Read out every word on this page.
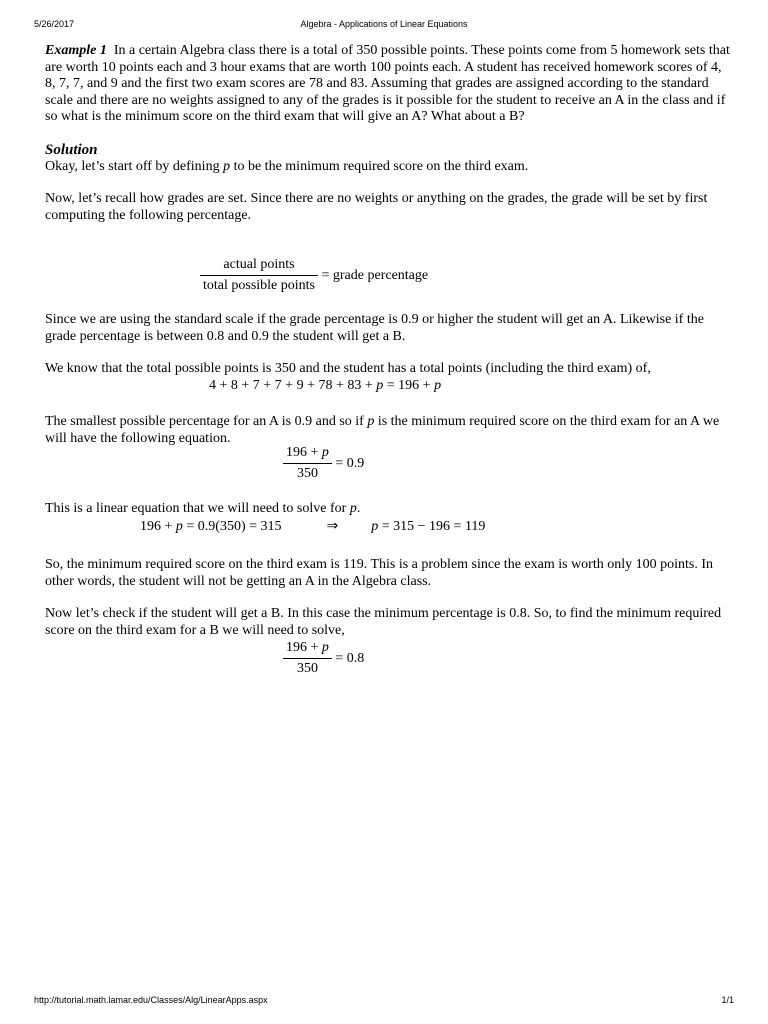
5/26/2017	Algebra - Applications of Linear Equations

Example 1 In a certain Algebra class there is a total of 350 possible points. These points come from 5 homework sets that are worth 10 points each and 3 hour exams that are worth 100 points each. A student has received homework scores of 4, 8, 7, 7, and 9 and the first two exam scores are 78 and 83. Assuming that grades are assigned according to the standard scale and there are no weights assigned to any of the grades is it possible for the student to receive an A in the class and if so what is the minimum score on the third exam that will give an A? What about a B?

Solution

Okay, let’s start off by defining p to be the minimum required score on the third exam.

Now, let’s recall how grades are set. Since there are no weights or anything on the grades, the grade will be set by first computing the following percentage.

$\frac{\text{actual points}}{\text{total possible points}}$ = grade percentage

Since we are using the standard scale if the grade percentage is 0.9 or higher the student will get an A. Likewise if the grade percentage is between 0.8 and 0.9 the student will get a B.

We know that the total possible points is 350 and the student has a total points (including the third exam) of,

4 + 8 + 7 + 7 + 9 + 78 + 83 + p = 196 + p

The smallest possible percentage for an A is 0.9 and so if p is the minimum required score on the third exam for an A we will have the following equation.

$\frac{196 + p}{350} = 0.9$

This is a linear equation that we will need to solve for p.

196 + p = 0.9(350) = 315	⇒ p = 315 − 196 = 119

So, the minimum required score on the third exam is 119. This is a problem since the exam is worth only 100 points. In other words, the student will not be getting an A in the Algebra class.

Now let’s check if the student will get a B. In this case the minimum percentage is 0.8. So, to find the minimum required score on the third exam for a B we will need to solve,

$\frac{196 + p}{350} = 0.8$
http://tutorial.math.lamar.edu/Classes/Alg/LinearApps.aspx	1/1
